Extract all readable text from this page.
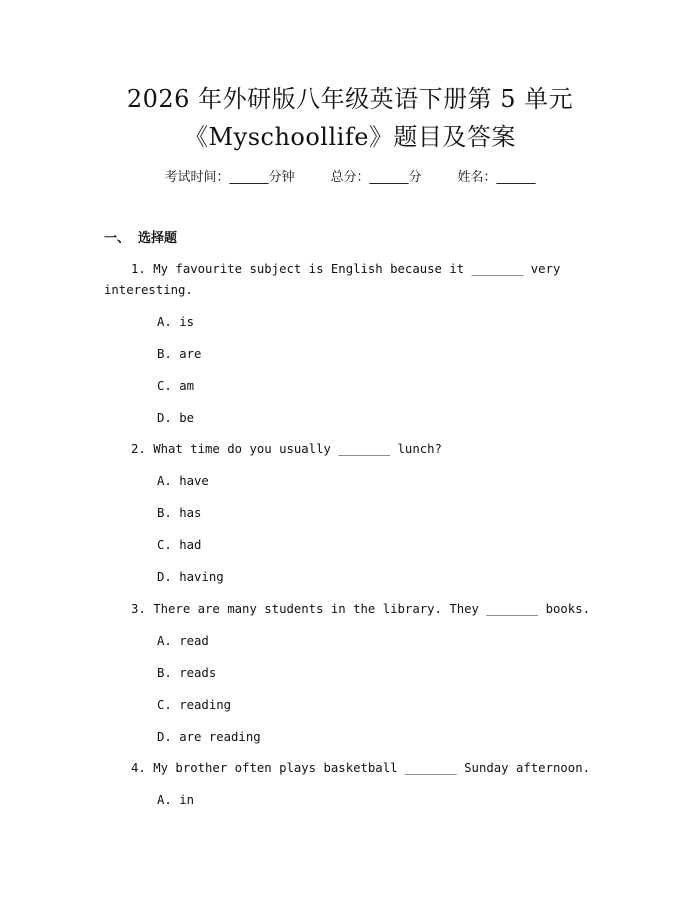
2026 年外研版八年级英语下册第 5 单元
《Myschoollife》题目及答案
考试时间：______分钟	总分：______分	姓名：______
一、 选择题
1. My favourite subject is English because it _______ very
interesting.
A. is
B. are
C. am
D. be
2. What time do you usually _______ lunch?
A. have
B. has
C. had
D. having
3. There are many students in the library. They _______ books.
A. read
B. reads
C. reading
D. are reading
4. My brother often plays basketball _______ Sunday afternoon.
A. in
